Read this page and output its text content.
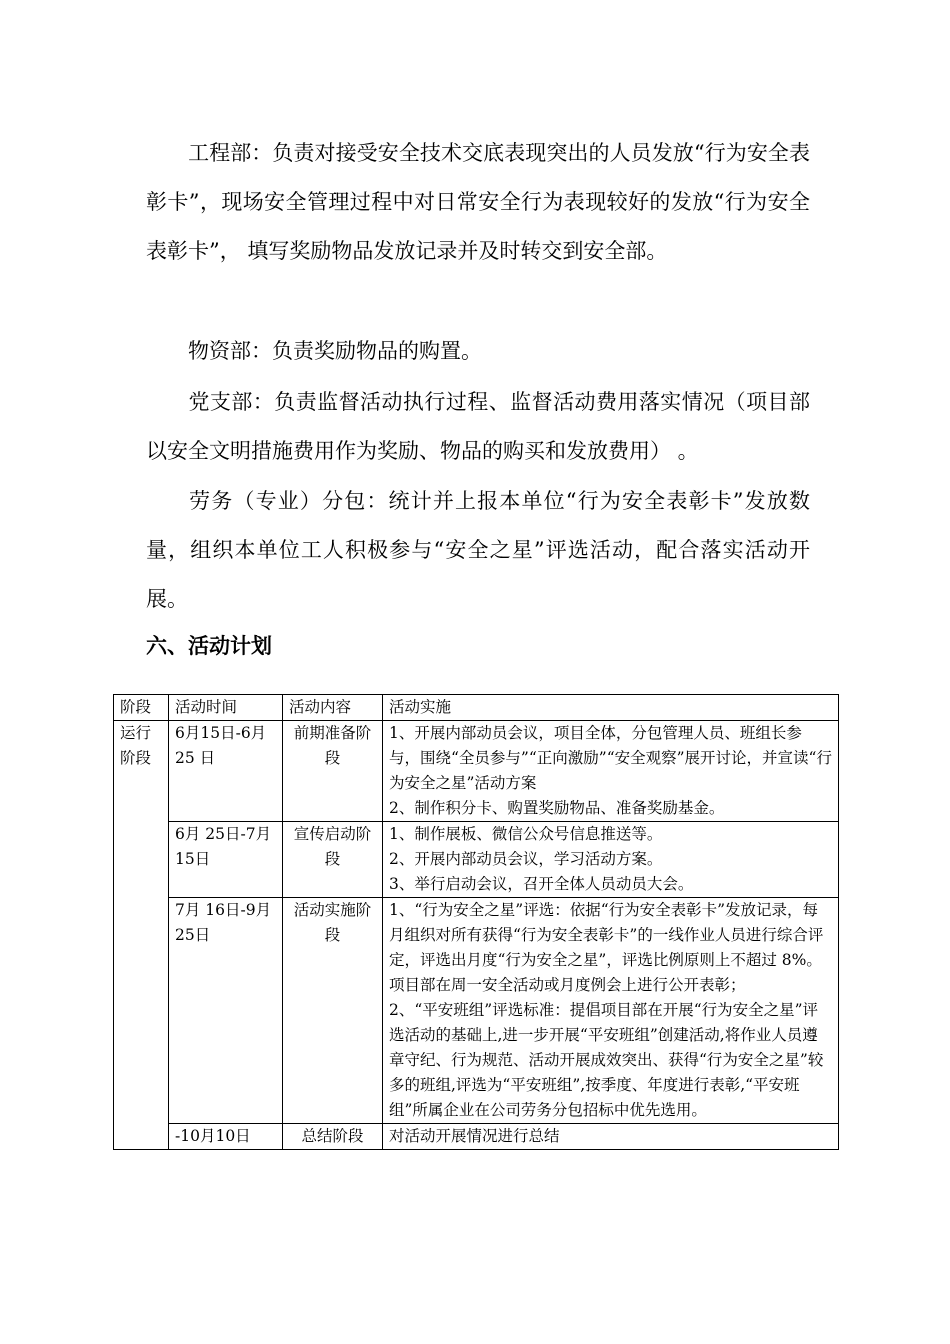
工程部：负责对接受安全技术交底表现突出的人员发放“行为安全表彰卡”，现场安全管理过程中对日常安全行为表现较好的发放“行为安全表彰卡”， 填写奖励物品发放记录并及时转交到安全部。

物资部：负责奖励物品的购置。

党支部：负责监督活动执行过程、监督活动费用落实情况（项目部以安全文明措施费用作为奖励、物品的购买和发放费用） 。

劳务（专业）分包：统计并上报本单位“行为安全表彰卡”发放数量，组织本单位工人积极参与“安全之星”评选活动，配合落实活动开展。

六、活动计划
阶段	活动时间	活动内容	活动实施
运行阶段	6月15日-6月25 日	前期准备阶段	1、开展内部动员会议，项目全体，分包管理人员、班组长参与，围绕“全员参与”“正向激励”“安全观察”展开讨论，并宣读“行为安全之星”活动方案
2、制作积分卡、购置奖励物品、准备奖励基金。

	6月 25日-7月 15日	宣传启动阶段	1、制作展板、微信公众号信息推送等。
2、开展内部动员会议，学习活动方案。
3、举行启动会议，召开全体人员动员大会。

	7月 16日-9月 25日	活动实施阶段	1、“行为安全之星”评选：依据“行为安全表彰卡”发放记录，每月组织对所有获得“行为安全表彰卡”的一线作业人员进行综合评定，评选出月度“行为安全之星”，评选比例原则上不超过 8%。项目部在周一安全活动或月度例会上进行公开表彰；
2、“平安班组”评选标准：提倡项目部在开展“行为安全之星”评选活动的基础上,进一步开展“平安班组”创建活动,将作业人员遵章守纪、行为规范、活动开展成效突出、获得“行为安全之星”较多的班组,评选为“平安班组”,按季度、年度进行表彰,“平安班组”所属企业在公司劳务分包招标中优先选用。

	-10月10日	总结阶段	对活动开展情况进行总结
